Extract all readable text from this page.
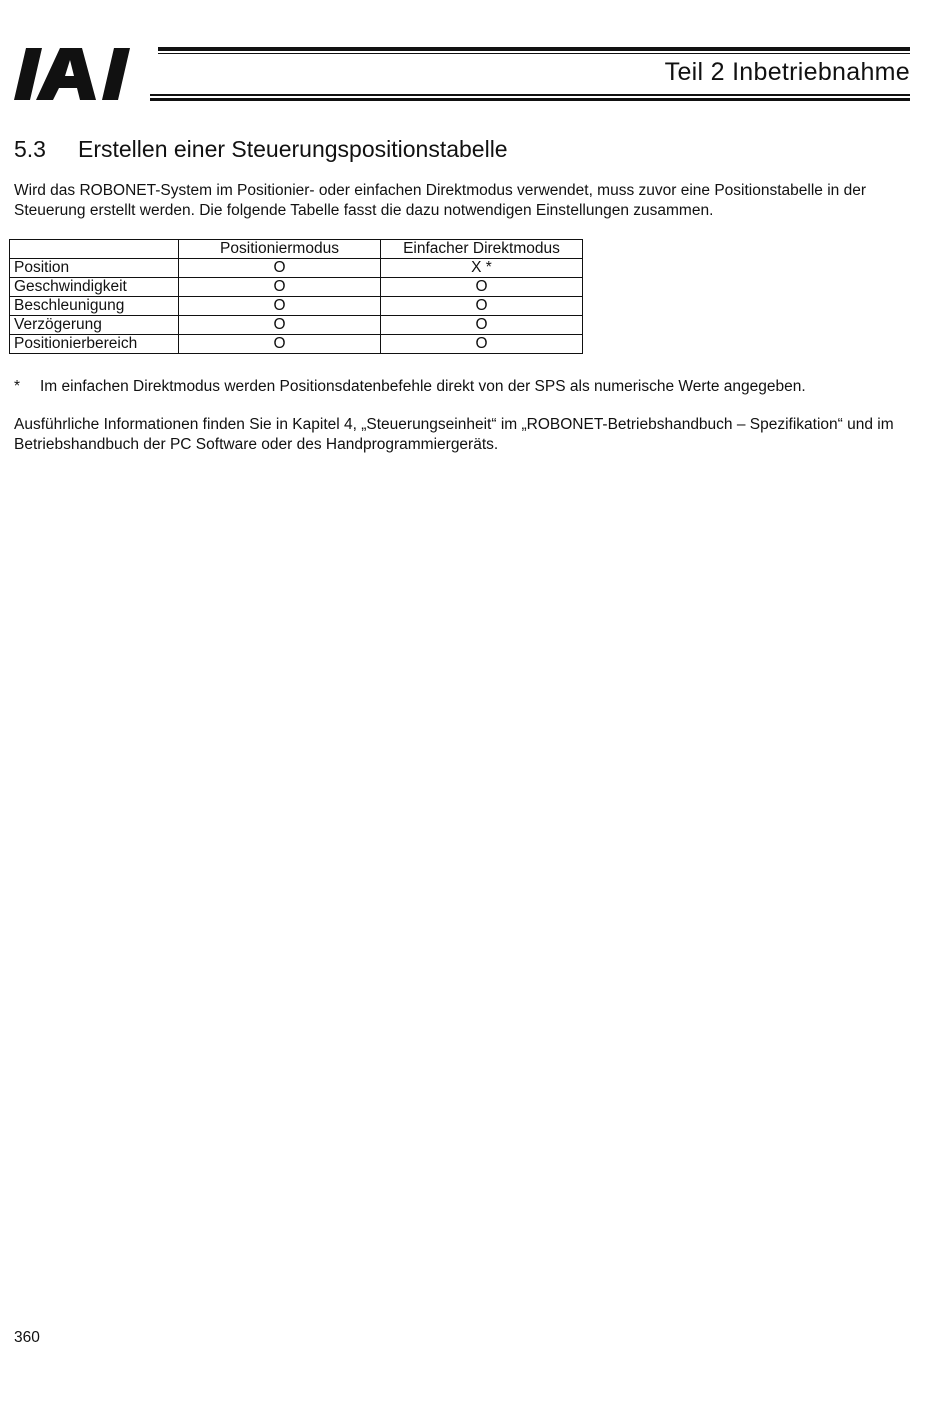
Teil 2 Inbetriebnahme
5.3 Erstellen einer Steuerungspositionstabelle
Wird das ROBONET-System im Positionier- oder einfachen Direktmodus verwendet, muss zuvor eine Positionstabelle in der Steuerung erstellt werden. Die folgende Tabelle fasst die dazu notwendigen Einstellungen zusammen.
	Positioniermodus	Einfacher Direktmodus
Position	O	X *
Geschwindigkeit	O	O
Beschleunigung	O	O
Verzögerung	O	O
Positionierbereich	O	O
* Im einfachen Direktmodus werden Positionsdatenbefehle direkt von der SPS als numerische Werte angegeben.
Ausführliche Informationen finden Sie in Kapitel 4, „Steuerungseinheit“ im „ROBONET-Betriebshandbuch – Spezifikation“ und im Betriebshandbuch der PC Software oder des Handprogrammiergeräts.
360
